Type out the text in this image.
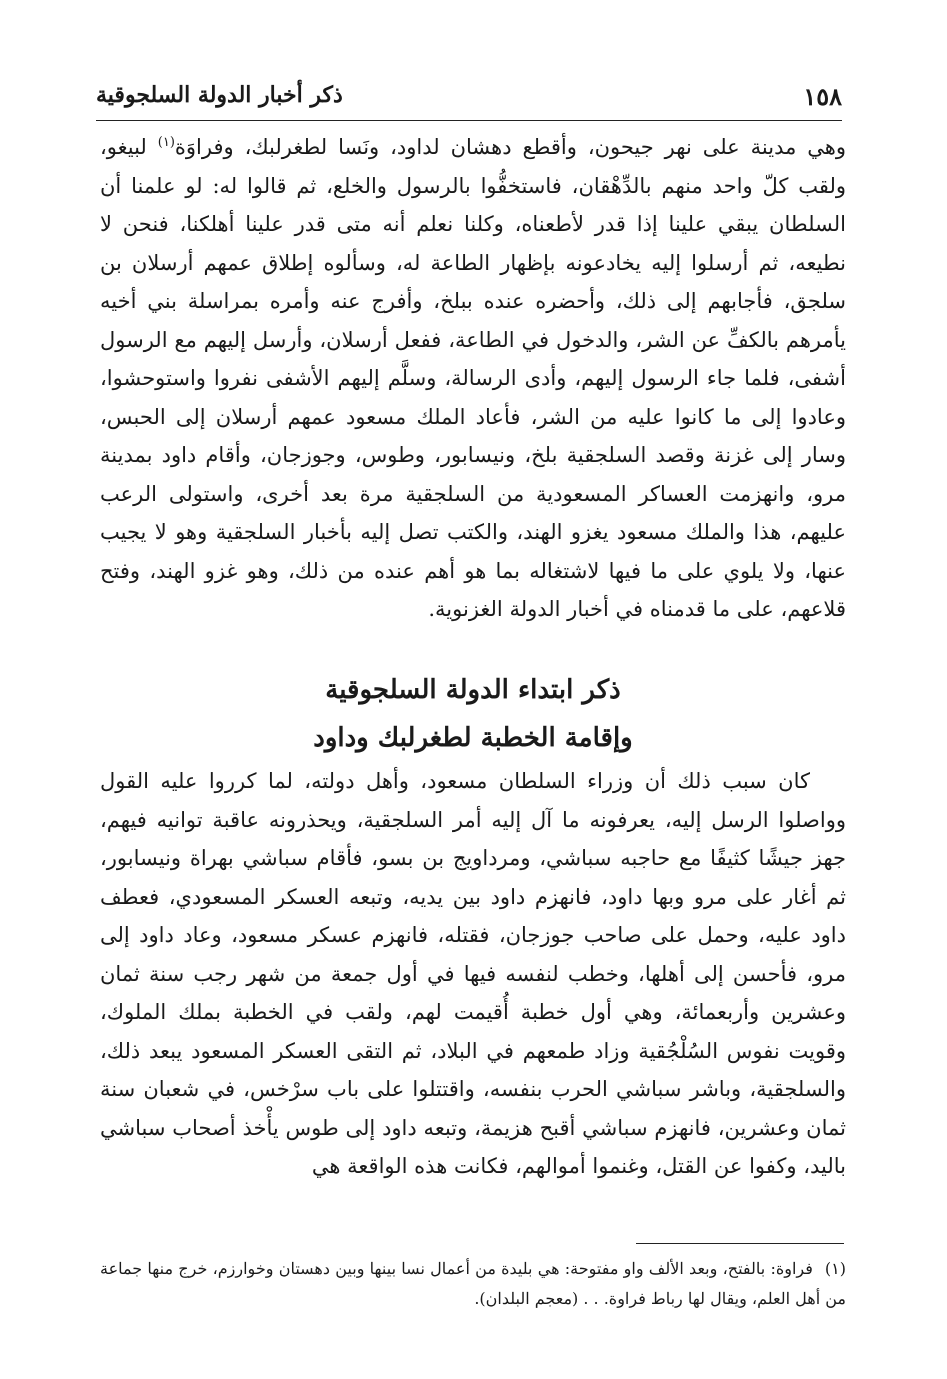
١٥٨
ذكر أخبار الدولة السلجوقية

وهي مدينة على نهر جيحون، وأقطع دهشان لداود، ونَسا لطغرلبك، وفراوَة$^{(١)}$ لبيغو، ولقب كلّ واحد منهم بالدِّهْقان، فاستخفُّوا بالرسول والخلع، ثم قالوا له: لو علمنا أن السلطان يبقي علينا إذا قدر لأطعناه، وكلنا نعلم أنه متى قدر علينا أهلكنا، فنحن لا نطيعه، ثم أرسلوا إليه يخادعونه بإظهار الطاعة له، وسألوه إطلاق عمهم أرسلان بن سلجق، فأجابهم إلى ذلك، وأحضره عنده ببلخ، وأفرج عنه وأمره بمراسلة بني أخيه يأمرهم بالكفِّ عن الشر، والدخول في الطاعة، ففعل أرسلان، وأرسل إليهم مع الرسول أشفى، فلما جاء الرسول إليهم، وأدى الرسالة، وسلَّم إليهم الأشفى نفروا واستوحشوا، وعادوا إلى ما كانوا عليه من الشر، فأعاد الملك مسعود عمهم أرسلان إلى الحبس، وسار إلى غزنة وقصد السلجقية بلخ، ونيسابور، وطوس، وجوزجان، وأقام داود بمدينة مرو، وانهزمت العساكر المسعودية من السلجقية مرة بعد أخرى، واستولى الرعب عليهم، هذا والملك مسعود يغزو الهند، والكتب تصل إليه بأخبار السلجقية وهو لا يجيب عنها، ولا يلوي على ما فيها لاشتغاله بما هو أهم عنده من ذلك، وهو غزو الهند، وفتح قلاعهم، على ما قدمناه في أخبار الدولة الغزنوية.

ذكر ابتداء الدولة السلجوقية
وإقامة الخطبة لطغرلبك وداود

كان سبب ذلك أن وزراء السلطان مسعود، وأهل دولته، لما كرروا عليه القول وواصلوا الرسل إليه، يعرفونه ما آل إليه أمر السلجقية، ويحذرونه عاقبة توانيه فيهم، جهز جيشًا كثيفًا مع حاجبه سباشي، ومرداويج بن بسو، فأقام سباشي بهراة ونيسابور، ثم أغار على مرو وبها داود، فانهزم داود بين يديه، وتبعه العسكر المسعودي، فعطف داود عليه، وحمل على صاحب جوزجان، فقتله، فانهزم عسكر مسعود، وعاد داود إلى مرو، فأحسن إلى أهلها، وخطب لنفسه فيها في أول جمعة من شهر رجب سنة ثمان وعشرين وأربعمائة، وهي أول خطبة أُقيمت لهم، ولقب في الخطبة بملك الملوك، وقويت نفوس السُلْجُقية وزاد طمعهم في البلاد، ثم التقى العسكر المسعود يبعد ذلك، والسلجقية، وباشر سباشي الحرب بنفسه، واقتتلوا على باب سرْخس، في شعبان سنة ثمان وعشرين، فانهزم سباشي أقبح هزيمة، وتبعه داود إلى طوس يأْخذ أصحاب سباشي باليد، وكفوا عن القتل، وغنموا أموالهم، فكانت هذه الواقعة هي

(١)فراوة: بالفتح، وبعد الألف واو مفتوحة: هي بليدة من أعمال نسا بينها وبين دهستان وخوارزم، خرج منها جماعة من أهل العلم، ويقال لها رباط فراوة. . . (معجم البلدان).
